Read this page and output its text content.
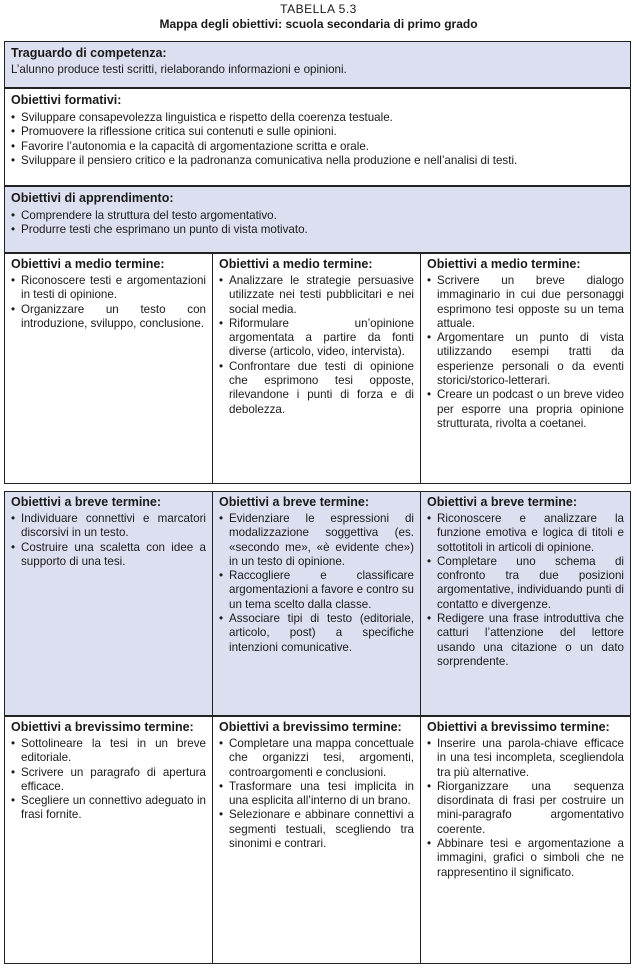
TABELLA 5.3
Mappa degli obiettivi: scuola secondaria di primo grado
Traguardo di competenza:
L’alunno produce testi scritti, rielaborando informazioni e opinioni.
Obiettivi formativi:
• Sviluppare consapevolezza linguistica e rispetto della coerenza testuale.
• Promuovere la riflessione critica sui contenuti e sulle opinioni.
• Favorire l’autonomia e la capacità di argomentazione scritta e orale.
• Sviluppare il pensiero critico e la padronanza comunicativa nella produzione e nell’analisi di testi.
Obiettivi di apprendimento:
• Comprendere la struttura del testo argomentativo.
• Produrre testi che esprimano un punto di vista motivato.
Obiettivi a medio termine:
• Riconoscere testi e argomentazioni in testi di opinione.
• Organizzare un testo con introduzione, sviluppo, conclusione.
Obiettivi a medio termine:
• Analizzare le strategie persuasive utilizzate nei testi pubblicitari e nei social media.
• Riformulare un’opinione argomentata a partire da fonti diverse (articolo, video, intervista).
• Confrontare due testi di opinione che esprimono tesi opposte, rilevandone i punti di forza e di debolezza.
Obiettivi a medio termine:
• Scrivere un breve dialogo immaginario in cui due personaggi esprimono tesi opposte su un tema attuale.
• Argomentare un punto di vista utilizzando esempi tratti da esperienze personali o da eventi storici/storico-letterari.
• Creare un podcast o un breve video per esporre una propria opinione strutturata, rivolta a coetanei.
Obiettivi a breve termine:
• Individuare connettivi e marcatori discorsivi in un testo.
• Costruire una scaletta con idee a supporto di una tesi.
Obiettivi a breve termine:
• Evidenziare le espressioni di modalizzazione soggettiva (es. «secondo me», «è evidente che») in un testo di opinione.
• Raccogliere e classificare argomentazioni a favore e contro su un tema scelto dalla classe.
• Associare tipi di testo (editoriale, articolo, post) a specifiche intenzioni comunicative.
Obiettivi a breve termine:
• Riconoscere e analizzare la funzione emotiva e logica di titoli e sottotitoli in articoli di opinione.
• Completare uno schema di confronto tra due posizioni argomentative, individuando punti di contatto e divergenze.
• Redigere una frase introduttiva che catturi l’attenzione del lettore usando una citazione o un dato sorprendente.
Obiettivi a brevissimo termine:
• Sottolineare la tesi in un breve editoriale.
• Scrivere un paragrafo di apertura efficace.
• Scegliere un connettivo adeguato in frasi fornite.
Obiettivi a brevissimo termine:
• Completare una mappa concettuale che organizzi tesi, argomenti, controargomenti e conclusioni.
• Trasformare una tesi implicita in una esplicita all’interno di un brano.
• Selezionare e abbinare connettivi a segmenti testuali, scegliendo tra sinonimi e contrari.
Obiettivi a brevissimo termine:
• Inserire una parola-chiave efficace in una tesi incompleta, scegliendola tra più alternative.
• Riorganizzare una sequenza disordinata di frasi per costruire un mini-paragrafo argomentativo coerente.
• Abbinare tesi e argomentazione a immagini, grafici o simboli che ne rappresentino il significato.
